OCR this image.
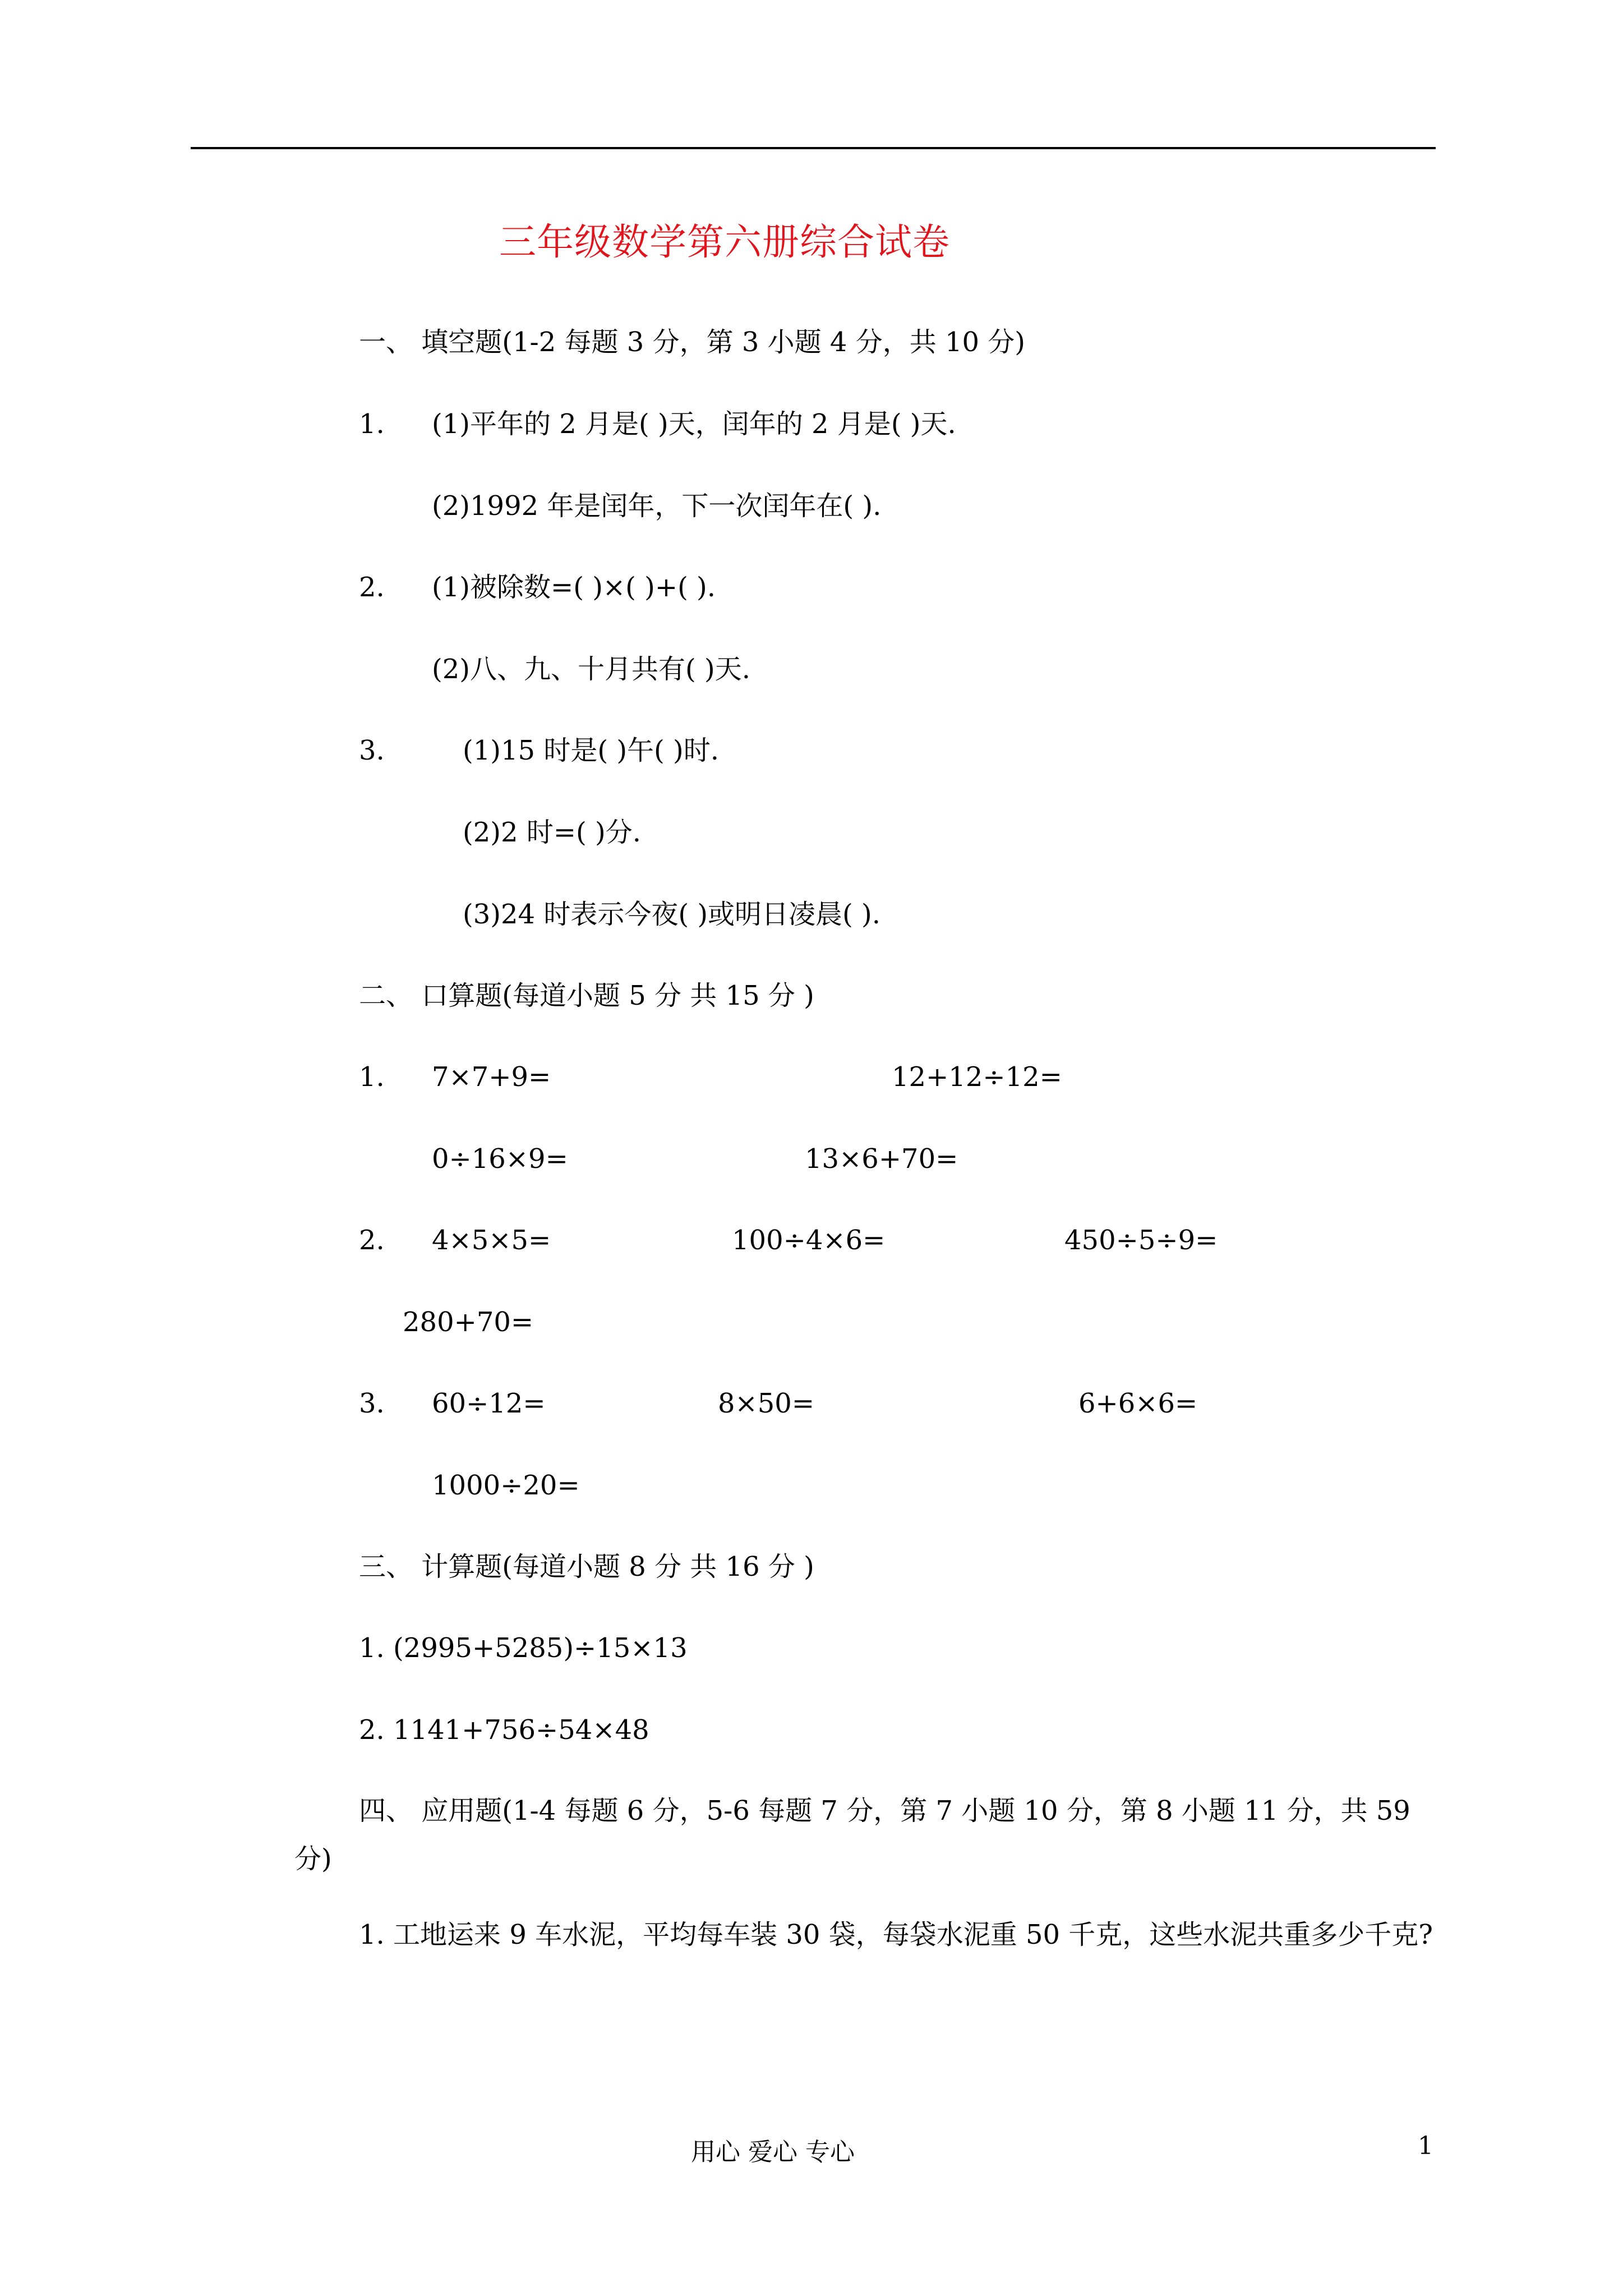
三年级数学第六册综合试卷
一、 填空题(1-2 每题 3 分，第 3 小题 4 分，共 10 分)
1. (1)平年的 2 月是( )天，闰年的 2 月是( )天.
(2)1992 年是闰年，下一次闰年在( ).
2. (1)被除数=( )×( )+( ).
(2)八、九、十月共有( )天.
3.	(1)15 时是( )午( )时.
(2)2 时=( )分.
(3)24 时表示今夜( )或明日凌晨( ).
二、 口算题(每道小题 5 分 共 15 分 )
1. 7×7+9=	12+12÷12=
0÷16×9=	13×6+70=
2. 4×5×5=	100÷4×6=	450÷5÷9=
280+70=
3. 60÷12=	8×50=	6+6×6=
1000÷20=
三、 计算题(每道小题 8 分 共 16 分 )
1. (2995+5285)÷15×13
2. 1141+756÷54×48
四、 应用题(1-4 每题 6 分，5-6 每题 7 分，第 7 小题 10 分，第 8 小题 11 分，共 59 分)
1. 工地运来 9 车水泥，平均每车装 30 袋，每袋水泥重 50 千克，这些水泥共重多少千克?
用心 爱心 专心	1
